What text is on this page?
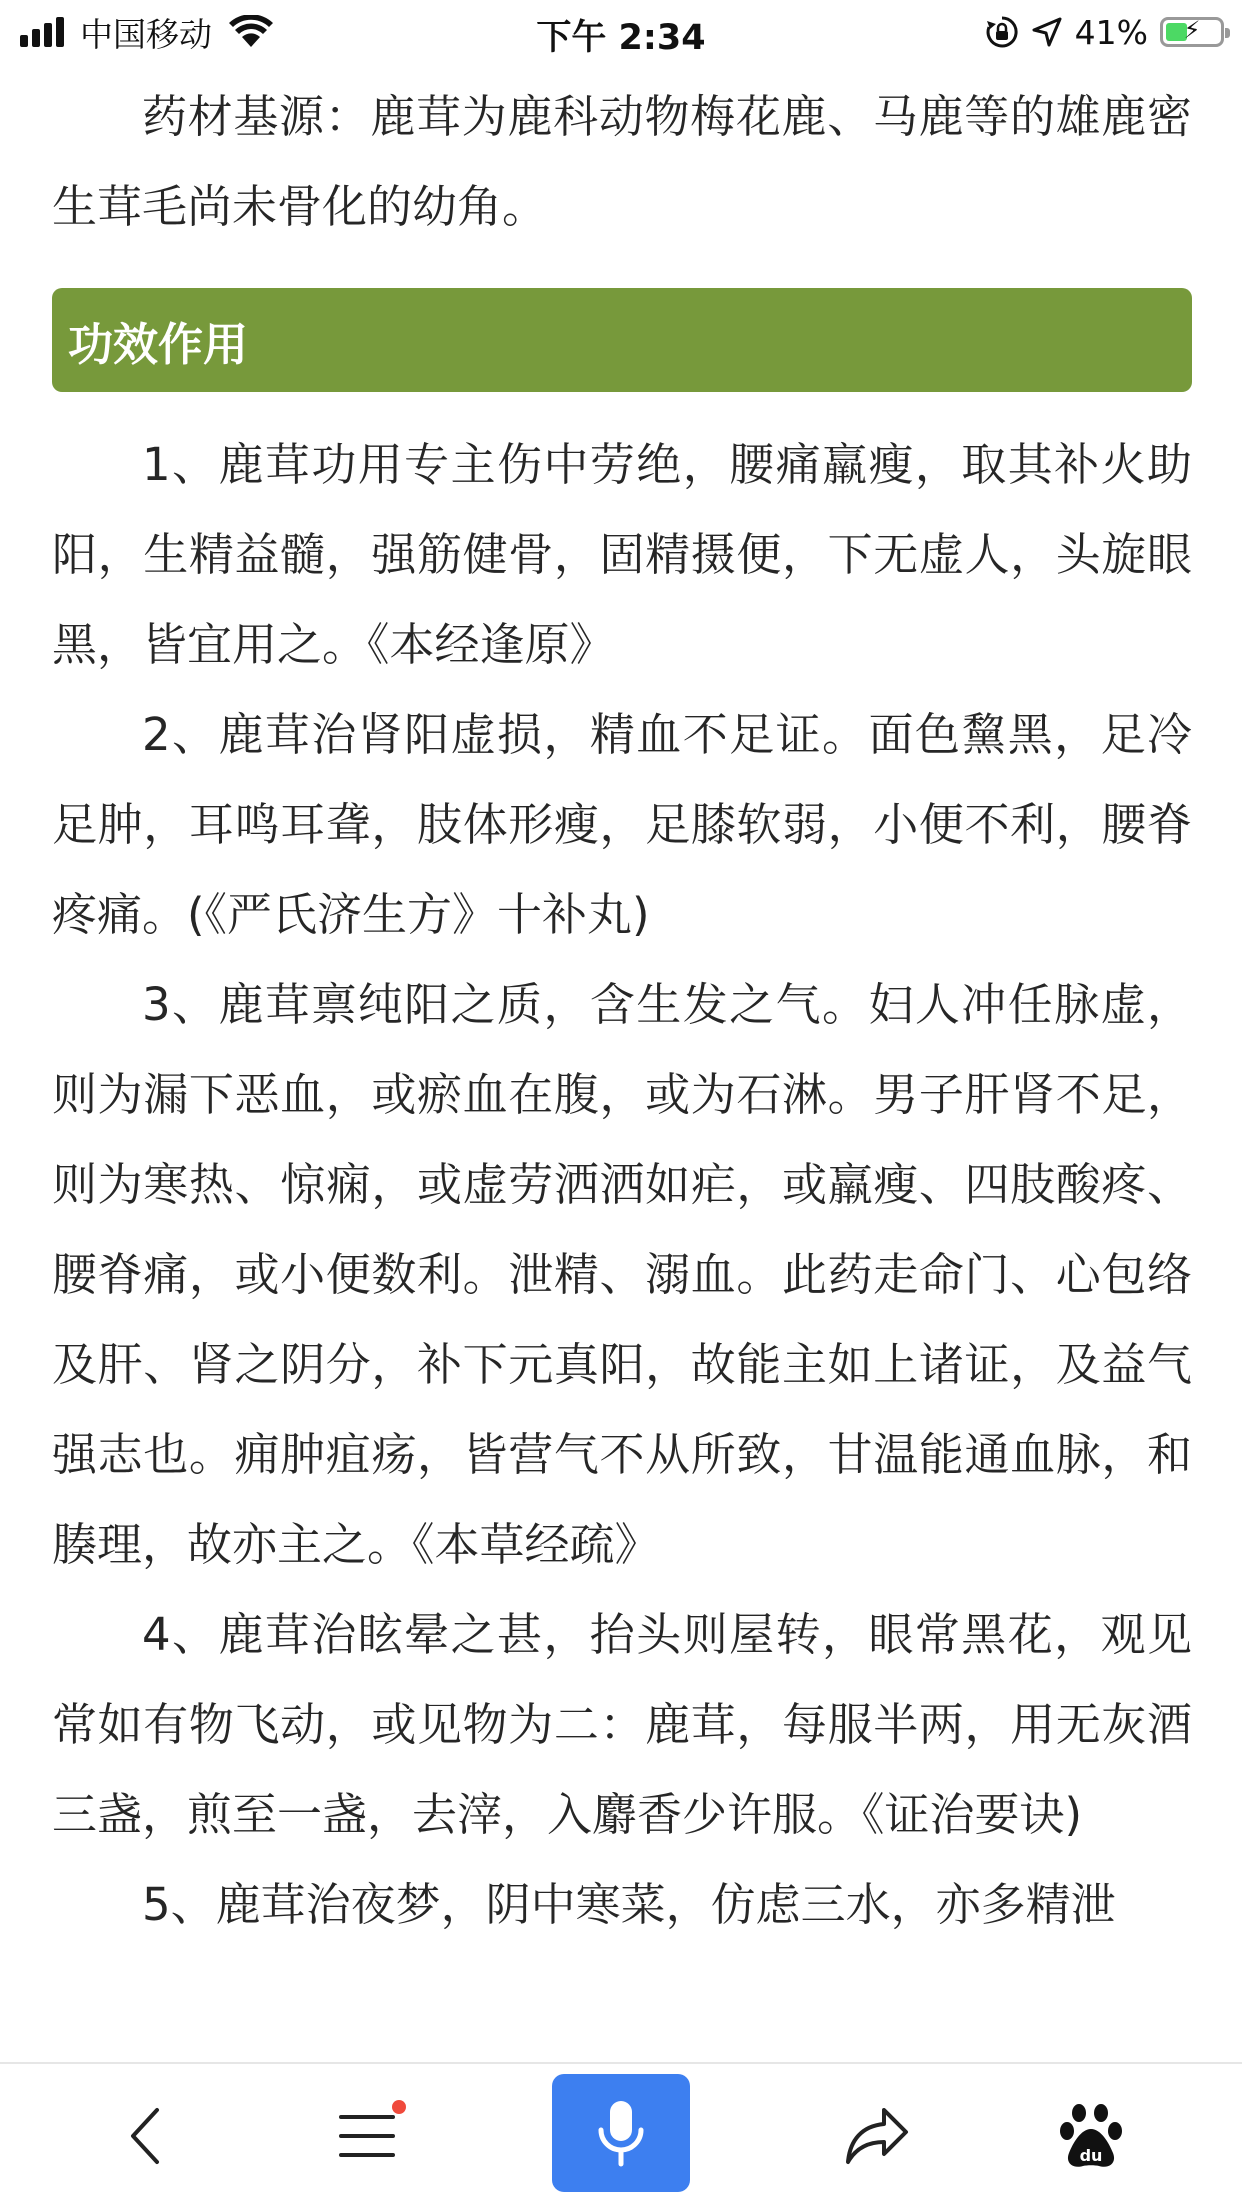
中国移动	下午 2:34	41%	⚡

药材基源：鹿茸为鹿科动物梅花鹿、马鹿等的雄鹿密生茸毛尚未骨化的幼角。

功效作用

1、鹿茸功用专主伤中劳绝，腰痛羸瘦，取其补火助阳，生精益髓，强筋健骨，固精摄便，下无虚人，头旋眼黑，皆宜用之。《本经逢原》

2、鹿茸治肾阳虚损，精血不足证。面色黧黑，足冷足肿，耳鸣耳聋，肢体形瘦，足膝软弱，小便不利，腰脊疼痛。(《严氏济生方》十补丸)

3、鹿茸禀纯阳之质，含生发之气。妇人冲任脉虚，则为漏下恶血，或瘀血在腹，或为石淋。男子肝肾不足，则为寒热、惊痫，或虚劳洒洒如疟，或羸瘦、四肢酸疼、腰脊痛，或小便数利。泄精、溺血。此药走命门、心包络及肝、肾之阴分，补下元真阳，故能主如上诸证，及益气强志也。痈肿疽疡，皆营气不从所致，甘温能通血脉，和腠理，故亦主之。《本草经疏》

4、鹿茸治眩晕之甚，抬头则屋转，眼常黑花，观见常如有物飞动，或见物为二：鹿茸，每服半两，用无灰酒三盏，煎至一盏，去滓，入麝香少许服。《证治要诀)

5、鹿茸治夜梦，阴中寒菜，仿虑三水，亦多精泄

du
